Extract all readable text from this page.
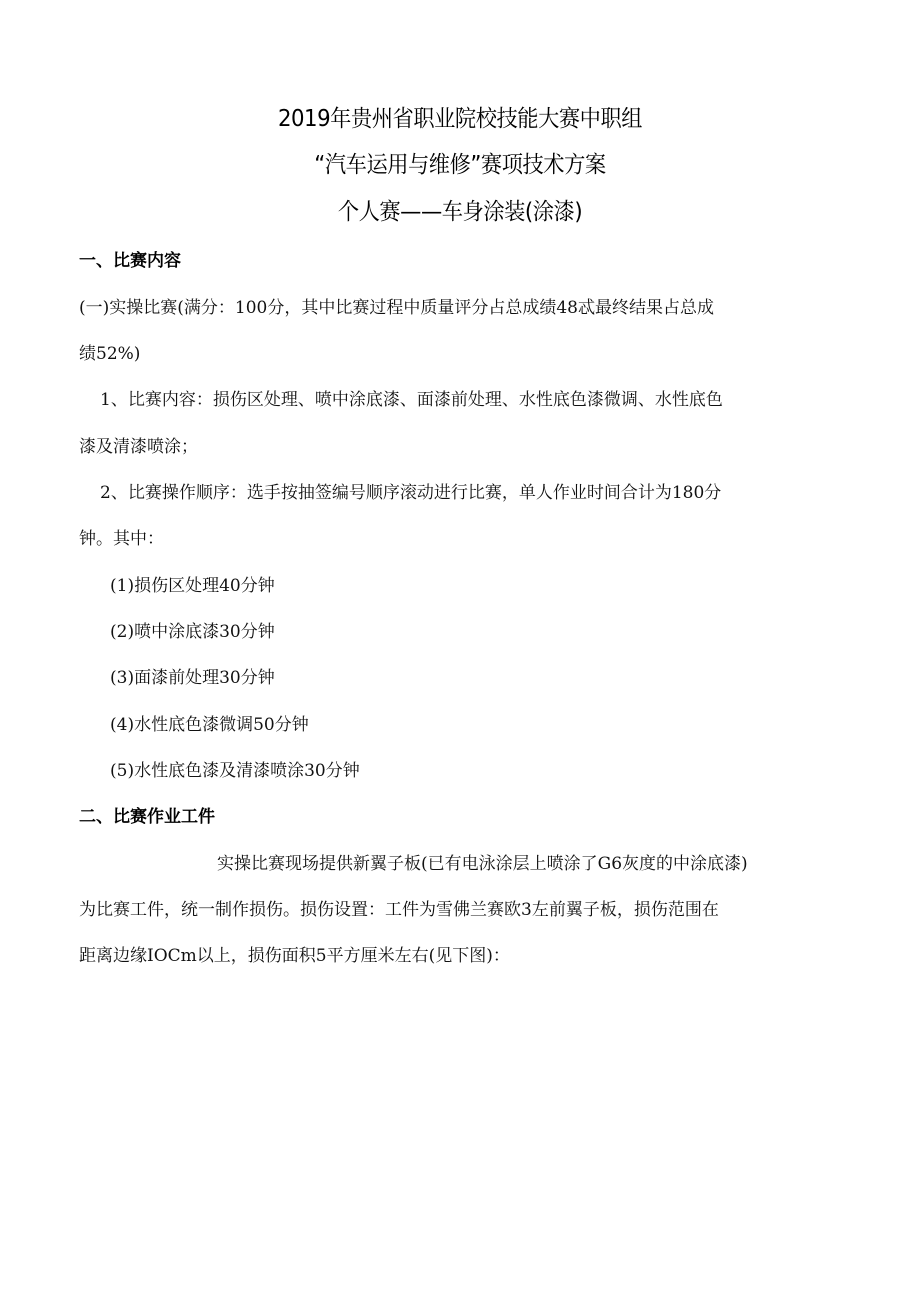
2019年贵州省职业院校技能大赛中职组
“汽车运用与维修”赛项技术方案
个人赛——车身涂装(涂漆)
一、比赛内容
(一)实操比赛(满分：100分，其中比赛过程中质量评分占总成绩48忒最终结果占总成
绩52%)
1、比赛内容：损伤区处理、喷中涂底漆、面漆前处理、水性底色漆微调、水性底色
漆及清漆喷涂；
2、比赛操作顺序：选手按抽签编号顺序滚动进行比赛，单人作业时间合计为180分
钟。其中：
(1)损伤区处理40分钟
(2)喷中涂底漆30分钟
(3)面漆前处理30分钟
(4)水性底色漆微调50分钟
(5)水性底色漆及清漆喷涂30分钟
二、比赛作业工件
实操比赛现场提供新翼子板(已有电泳涂层上喷涂了G6灰度的中涂底漆)
为比赛工件，统一制作损伤。损伤设置：工件为雪佛兰赛欧3左前翼子板，损伤范围在
距离边缘IOCm以上，损伤面积5平方厘米左右(见下图)：
